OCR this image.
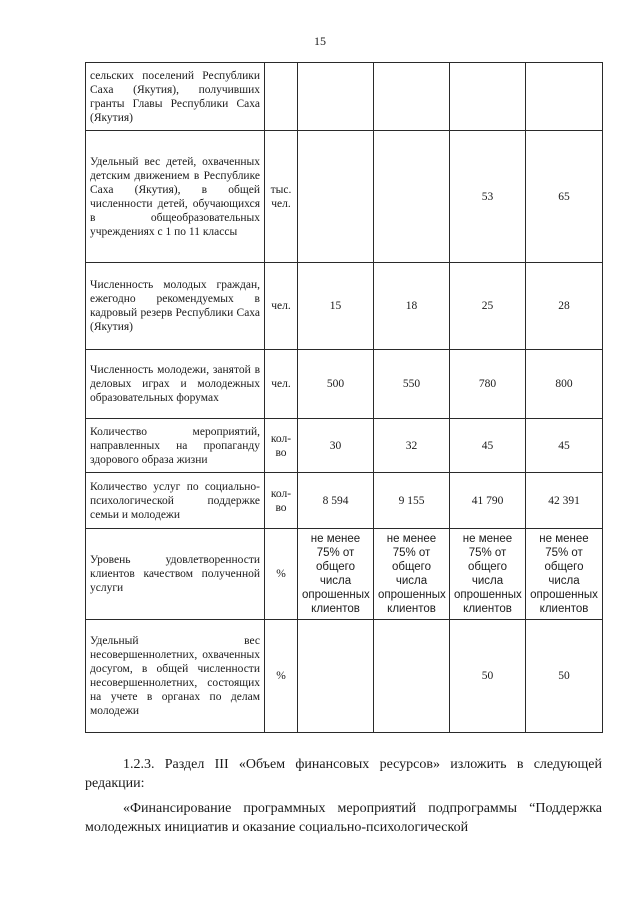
15
сельских поселений Республики Саха (Якутия), получивших гранты Главы Республики Саха (Якутия)					
Удельный вес детей, охваченных детским движением в Республике Саха (Якутия), в общей численности детей, обучающихся в общеобразовательных учреждениях с 1 по 11 классы	тыс. чел.			53	65
Численность молодых граждан, ежегодно рекомендуемых в кадровый резерв Республики Саха (Якутия)	чел.	15	18	25	28
Численность молодежи, занятой в деловых играх и молодежных образовательных форумах	чел.	500	550	780	800
Количество мероприятий, направленных на пропаганду здорового образа жизни	кол-во	30	32	45	45
Количество услуг по социально-психологической поддержке семьи и молодежи	кол-во	8 594	9 155	41 790	42 391
Уровень удовлетворенности клиентов качеством полученной услуги	%	не менее 75% от общего числа опрошенных клиентов	не менее 75% от общего числа опрошенных клиентов	не менее 75% от общего числа опрошенных клиентов	не менее 75% от общего числа опрошенных клиентов
Удельный вес несовершеннолетних, охваченных досугом, в общей численности несовершеннолетних, состоящих на учете в органах по делам молодежи	%			50	50
1.2.3. Раздел III «Объем финансовых ресурсов» изложить в следующей редакции:
«Финансирование программных мероприятий подпрограммы “Поддержка молодежных инициатив и оказание социально-психологической
